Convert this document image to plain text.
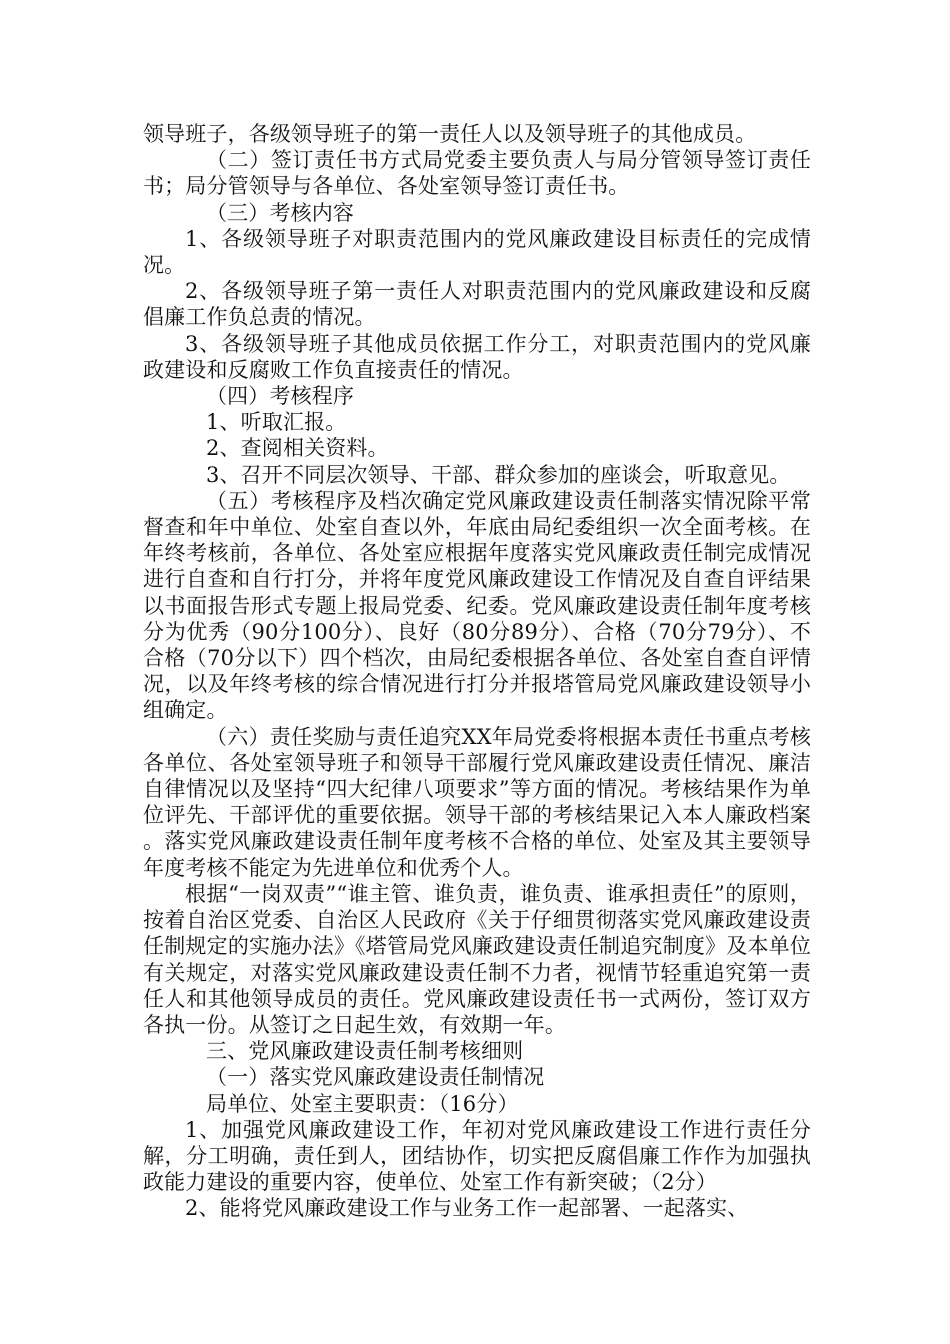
领导班子，各级领导班子的第一责任人以及领导班子的其他成员。

（二）签订责任书方式局党委主要负责人与局分管领导签订责任书；局分管领导与各单位、各处室领导签订责任书。

（三）考核内容

1、各级领导班子对职责范围内的党风廉政建设目标责任的完成情况。

2、各级领导班子第一责任人对职责范围内的党风廉政建设和反腐倡廉工作负总责的情况。

3、各级领导班子其他成员依据工作分工，对职责范围内的党风廉政建设和反腐败工作负直接责任的情况。

（四）考核程序

1、听取汇报。

2、查阅相关资料。

3、召开不同层次领导、干部、群众参加的座谈会，听取意见。

（五）考核程序及档次确定党风廉政建设责任制落实情况除平常督查和年中单位、处室自查以外，年底由局纪委组织一次全面考核。在年终考核前，各单位、各处室应根据年度落实党风廉政责任制完成情况进行自查和自行打分，并将年度党风廉政建设工作情况及自查自评结果以书面报告形式专题上报局党委、纪委。党风廉政建设责任制年度考核分为优秀（90分100分）、良好（80分89分）、合格（70分79分）、不合格（70分以下）四个档次，由局纪委根据各单位、各处室自查自评情况，以及年终考核的综合情况进行打分并报塔管局党风廉政建设领导小组确定。

（六）责任奖励与责任追究XX年局党委将根据本责任书重点考核各单位、各处室领导班子和领导干部履行党风廉政建设责任情况、廉洁自律情况以及坚持“四大纪律八项要求”等方面的情况。考核结果作为单位评先、干部评优的重要依据。领导干部的考核结果记入本人廉政档案。落实党风廉政建设责任制年度考核不合格的单位、处室及其主要领导年度考核不能定为先进单位和优秀个人。

根据“一岗双责”“谁主管、谁负责，谁负责、谁承担责任”的原则，按着自治区党委、自治区人民政府《关于仔细贯彻落实党风廉政建设责任制规定的实施办法》《塔管局党风廉政建设责任制追究制度》及本单位有关规定，对落实党风廉政建设责任制不力者，视情节轻重追究第一责任人和其他领导成员的责任。党风廉政建设责任书一式两份，签订双方各执一份。从签订之日起生效，有效期一年。

三、党风廉政建设责任制考核细则

（一）落实党风廉政建设责任制情况

局单位、处室主要职责：（16分）

1、加强党风廉政建设工作，年初对党风廉政建设工作进行责任分解，分工明确，责任到人，团结协作，切实把反腐倡廉工作作为加强执政能力建设的重要内容，使单位、处室工作有新突破；（2分）

2、能将党风廉政建设工作与业务工作一起部署、一起落实、
